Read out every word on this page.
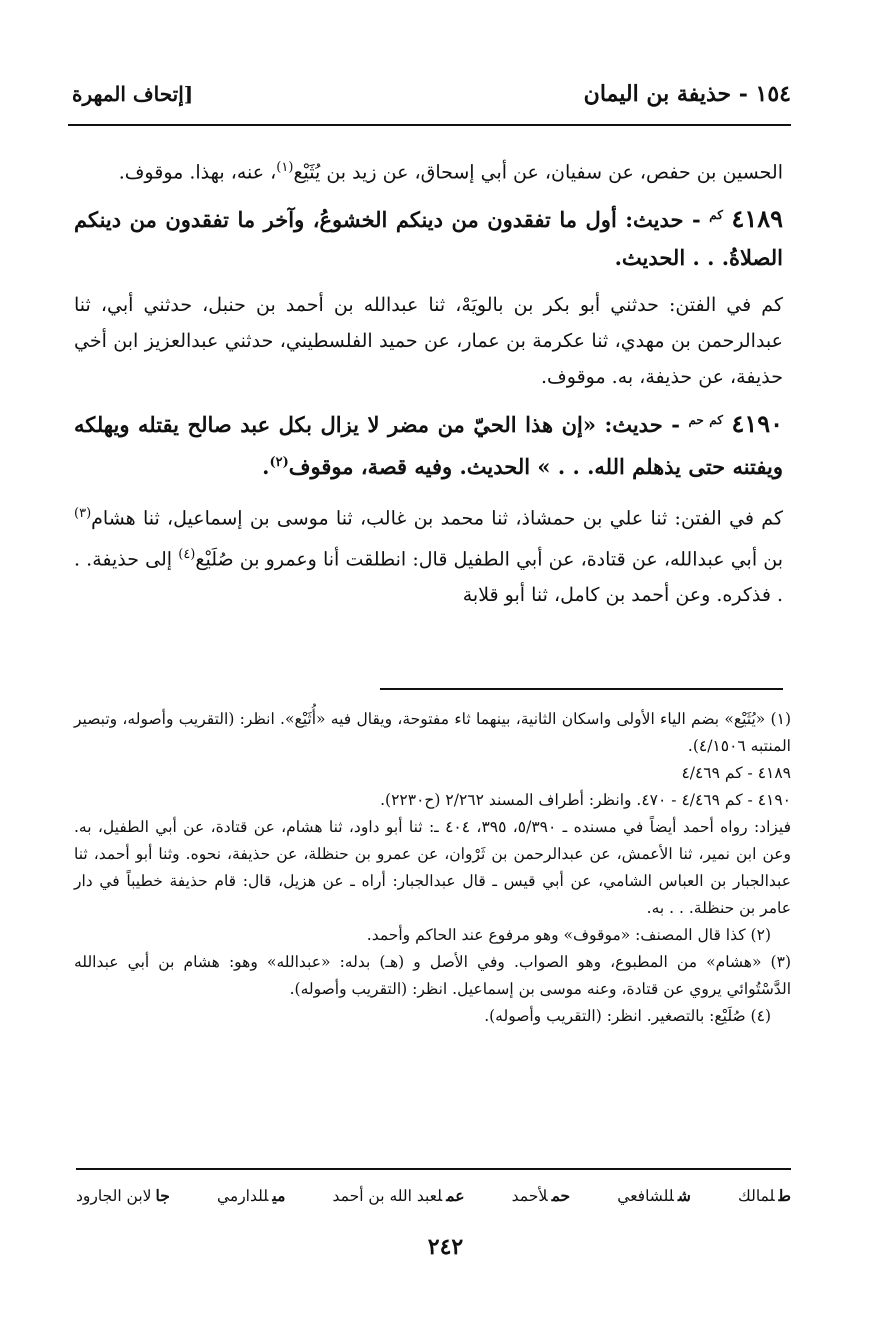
١٥٤ - حذيفة بن اليمان
[إتحاف المهرة

الحسين بن حفص، عن سفيان، عن أبي إسحاق، عن زيد بن يُثَيْع$^{(١)}$، عنه، بهذا. موقوف.

٤١٨٩ $^{كم}$ - حديث: أول ما تفقدون من دينكم الخشوعُ، وآخر ما تفقدون من دينكم الصلاةُ. . . الحديث.

كم في الفتن: حدثني أبو بكر بن بالويَهْ، ثنا عبدالله بن أحمد بن حنبل، حدثني أبي، ثنا عبدالرحمن بن مهدي، ثنا عكرمة بن عمار، عن حميد الفلسطيني، حدثني عبدالعزيز ابن أخي حذيفة، عن حذيفة، به. موقوف.

٤١٩٠ $^{كم حم}$ - حديث: «إن هذا الحيّ من مضر لا يزال بكل عبد صالح يقتله ويهلكه ويفتنه حتى يذهلم الله. . . » الحديث. وفيه قصة، موقوف$^{(٢)}$.

كم في الفتن: ثنا علي بن حمشاذ، ثنا محمد بن غالب، ثنا موسى بن إسماعيل، ثنا هشام$^{(٣)}$ بن أبي عبدالله، عن قتادة، عن أبي الطفيل قال: انطلقت أنا وعمرو بن صُلَيْع$^{(٤)}$ إلى حذيفة. . . فذكره. وعن أحمد بن كامل، ثنا أبو قلابة

(١) «يُثَيْع» بضم الياء الأولى واسكان الثانية، بينهما ثاء مفتوحة، ويقال فيه «أُثَيْع». انظر: (التقريب وأصوله، وتبصير المنتبه ٤/١٥٠٦).

٤١٨٩ - كم ٤/٤٦٩

٤١٩٠ - كم ٤/٤٦٩ - ٤٧٠. وانظر: أطراف المسند ٢/٢٦٢ (ح٢٢٣٠).

فيزاد: رواه أحمد أيضاً في مسنده ـ ٥/٣٩٠، ٣٩٥، ٤٠٤ ـ: ثنا أبو داود، ثنا هشام، عن قتادة، عن أبي الطفيل، به. وعن ابن نمير، ثنا الأعمش، عن عبدالرحمن بن ثَرْوان، عن عمرو بن حنظلة، عن حذيفة، نحوه. وثنا أبو أحمد، ثنا عبدالجبار بن العباس الشامي، عن أبي قيس ـ قال عبدالجبار: أراه ـ عن هزيل، قال: قام حذيفة خطيباً في دار عامر بن حنظلة. . . به.

(٢) كذا قال المصنف: «موقوف» وهو مرفوع عند الحاكم وأحمد.

(٣) «هشام» من المطبوع، وهو الصواب. وفي الأصل و (هـ) بدله: «عبدالله» وهو: هشام بن أبي عبدالله الدَّسْتُوائي يروي عن قتادة، وعنه موسى بن إسماعيل. انظر: (التقريب وأصوله).

(٤) صُلَيْع: بالتصغير. انظر: (التقريب وأصوله).

طلمالك
شللشافعي
حملأحمد
عملعبد الله بن أحمد
ميللدارمي
جالابن الجارود
٢٤٢
